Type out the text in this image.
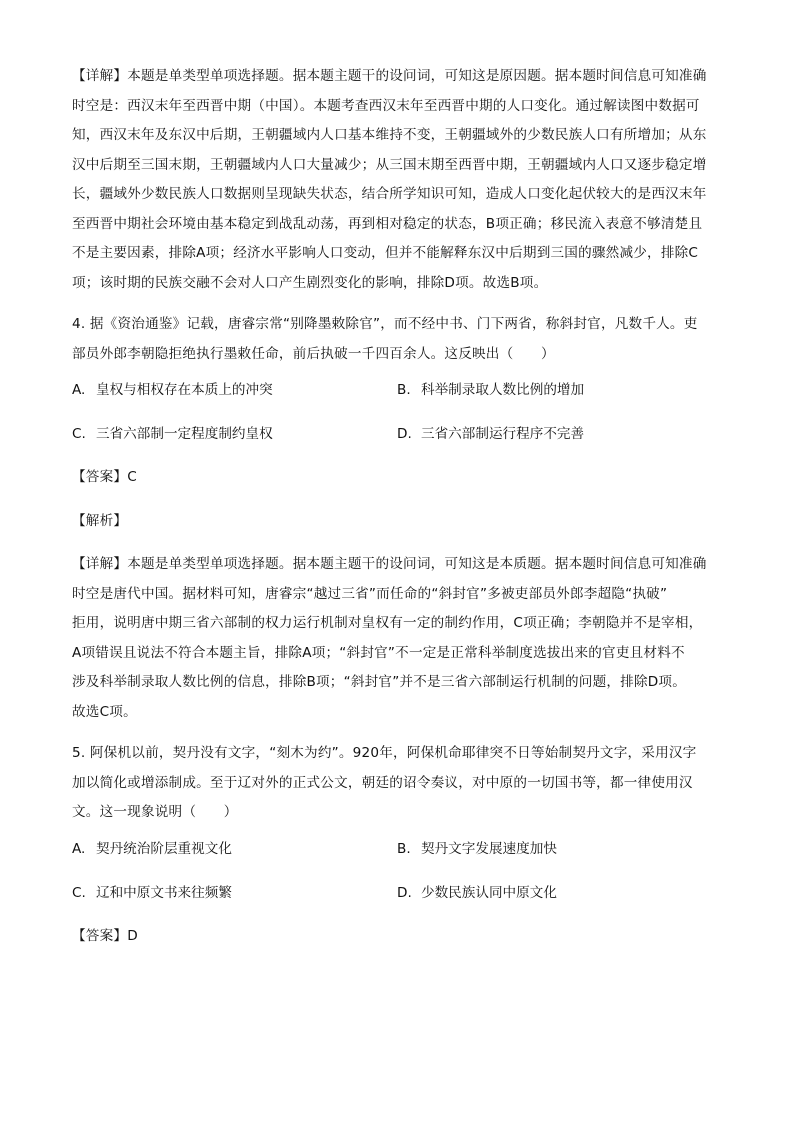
【详解】本题是单类型单项选择题。据本题主题干的设问词，可知这是原因题。据本题时间信息可知准确

时空是：西汉末年至西晋中期（中国）。本题考查西汉末年至西晋中期的人口变化。通过解读图中数据可

知，西汉末年及东汉中后期，王朝疆域内人口基本维持不变，王朝疆域外的少数民族人口有所增加；从东

汉中后期至三国末期，王朝疆域内人口大量减少；从三国末期至西晋中期，王朝疆域内人口又逐步稳定增

长，疆域外少数民族人口数据则呈现缺失状态，结合所学知识可知，造成人口变化起伏较大的是西汉末年

至西晋中期社会环境由基本稳定到战乱动荡，再到相对稳定的状态，B项正确；移民流入表意不够清楚且

不是主要因素，排除A项；经济水平影响人口变动，但并不能解释东汉中后期到三国的骤然减少，排除C

项；该时期的民族交融不会对人口产生剧烈变化的影响，排除D项。故选B项。

4. 据《资治通鉴》记载，唐睿宗常“别降墨敕除官”，而不经中书、门下两省，称斜封官，凡数千人。吏

部员外郎李朝隐拒绝执行墨敕任命，前后执破一千四百余人。这反映出（　　）

A. 皇权与相权存在本质上的冲突	B. 科举制录取人数比例的增加
C. 三省六部制一定程度制约皇权	D. 三省六部制运行程序不完善

【答案】C

【解析】

【详解】本题是单类型单项选择题。据本题主题干的设问词，可知这是本质题。据本题时间信息可知准确

时空是唐代中国。据材料可知，唐睿宗“越过三省”而任命的“斜封官”多被吏部员外郎李超隐“执破”

拒用，说明唐中期三省六部制的权力运行机制对皇权有一定的制约作用，C项正确；李朝隐并不是宰相，

A项错误且说法不符合本题主旨，排除A项；“斜封官”不一定是正常科举制度选拔出来的官吏且材料不

涉及科举制录取人数比例的信息，排除B项；“斜封官”并不是三省六部制运行机制的问题，排除D项。

故选C项。

5. 阿保机以前，契丹没有文字，“刻木为约”。920年，阿保机命耶律突不日等始制契丹文字，采用汉字

加以简化或增添制成。至于辽对外的正式公文，朝廷的诏令奏议，对中原的一切国书等，都一律使用汉

文。这一现象说明（　　）

A. 契丹统治阶层重视文化	B. 契丹文字发展速度加快
C. 辽和中原文书来往频繁	D. 少数民族认同中原文化

【答案】D
